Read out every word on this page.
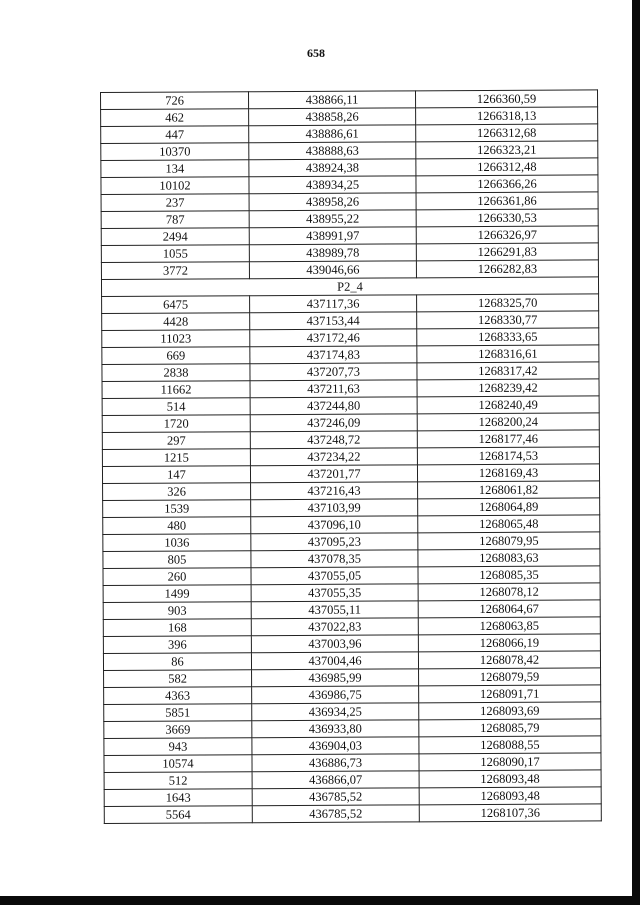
658
726	438866,11	1266360,59
462	438858,26	1266318,13
447	438886,61	1266312,68
10370	438888,63	1266323,21
134	438924,38	1266312,48
10102	438934,25	1266366,26
237	438958,26	1266361,86
787	438955,22	1266330,53
2494	438991,97	1266326,97
1055	438989,78	1266291,83
3772	439046,66	1266282,83
P2_4		
6475	437117,36	1268325,70
4428	437153,44	1268330,77
11023	437172,46	1268333,65
669	437174,83	1268316,61
2838	437207,73	1268317,42
11662	437211,63	1268239,42
514	437244,80	1268240,49
1720	437246,09	1268200,24
297	437248,72	1268177,46
1215	437234,22	1268174,53
147	437201,77	1268169,43
326	437216,43	1268061,82
1539	437103,99	1268064,89
480	437096,10	1268065,48
1036	437095,23	1268079,95
805	437078,35	1268083,63
260	437055,05	1268085,35
1499	437055,35	1268078,12
903	437055,11	1268064,67
168	437022,83	1268063,85
396	437003,96	1268066,19
86	437004,46	1268078,42
582	436985,99	1268079,59
4363	436986,75	1268091,71
5851	436934,25	1268093,69
3669	436933,80	1268085,79
943	436904,03	1268088,55
10574	436886,73	1268090,17
512	436866,07	1268093,48
1643	436785,52	1268093,48
5564	436785,52	1268107,36
